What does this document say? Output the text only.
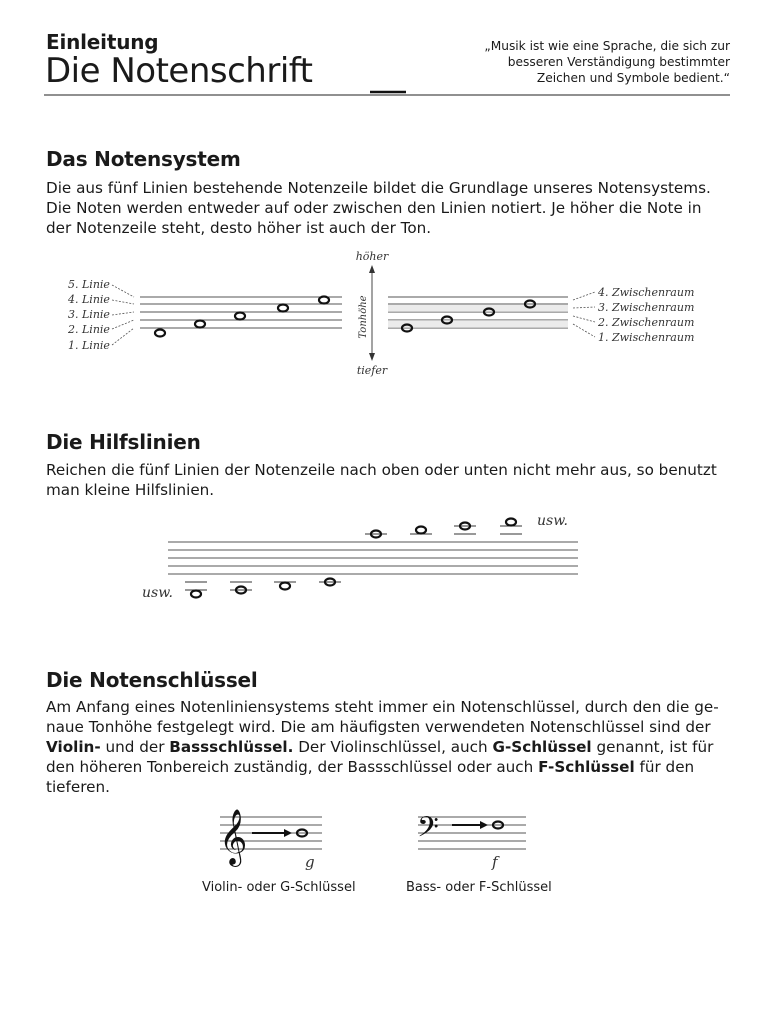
Einleitung
Die Notenschrift
„Musik ist wie eine Sprache, die sich zur besseren Verständigung bestimmter Zeichen und Symbole bedient.“
Das Notensystem
Die aus fünf Linien bestehende Notenzeile bildet die Grundlage unseres Notensystems. Die Noten werden entweder auf oder zwischen den Linien notiert. Je höher die Note in der Notenzeile steht, desto höher ist auch der Ton.
5. Linie
4. Linie
3. Linie
2. Linie
1. Linie
4. Zwischenraum
3. Zwischenraum
2. Zwischenraum
1. Zwischenraum
höher
tiefer
Tonhöhe
Die Hilfslinien
Reichen die fünf Linien der Notenzeile nach oben oder unten nicht mehr aus, so benutzt man kleine Hilfslinien.
usw.
usw.
Die Notenschlüssel
Am Anfang eines Notenliniensystems steht immer ein Notenschlüssel, durch den die genaue Tonhöhe festgelegt wird. Die am häufigsten verwendeten Notenschlüssel sind der Violin- und der Bassschlüssel. Der Violinschlüssel, auch G-Schlüssel genannt, ist für den höheren Tonbereich zuständig, der Bassschlüssel oder auch F-Schlüssel für den tieferen.
𝄞	g
𝄢
f
Violin- oder G-Schlüssel	Bass- oder F-Schlüssel
